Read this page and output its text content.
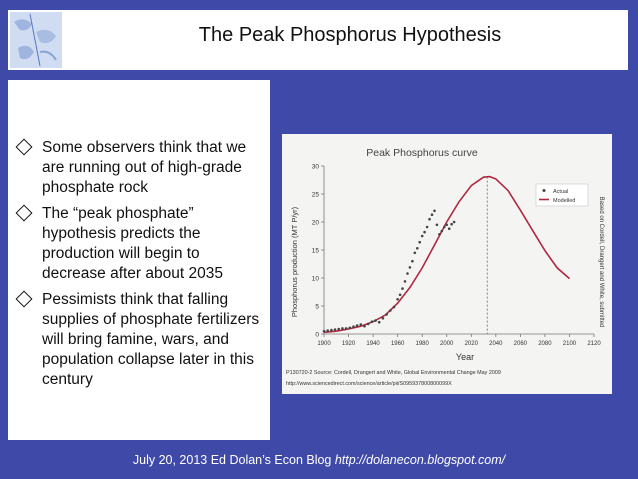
The Peak Phosphorus Hypothesis
Some observers think that we are running out of high-grade phosphate rock
The “peak phosphate” hypothesis predicts the production will begin to decrease after about 2035
Pessimists think that falling supplies of phosphate fertilizers will bring famine, wars, and population collapse later in this century
Peak Phosphorus curve
Phosphorus production (MT P/yr)
Year
Based on Cordell, Drangert and White, submitted
P130720-2 Source: Cordell, Drangert and White, Global Environmental Change May 2009
http://www.sciencedirect.com/science/article/pii/S095937800800099X
0
5
10
15
20
25
30
1900 1920 1940 1960 1980 2000 2020 2040 2060 2080 2100 2120
Actual
Modelled
July 20, 2013 Ed Dolan’s Econ Blog http://dolanecon.blogspot.com/
